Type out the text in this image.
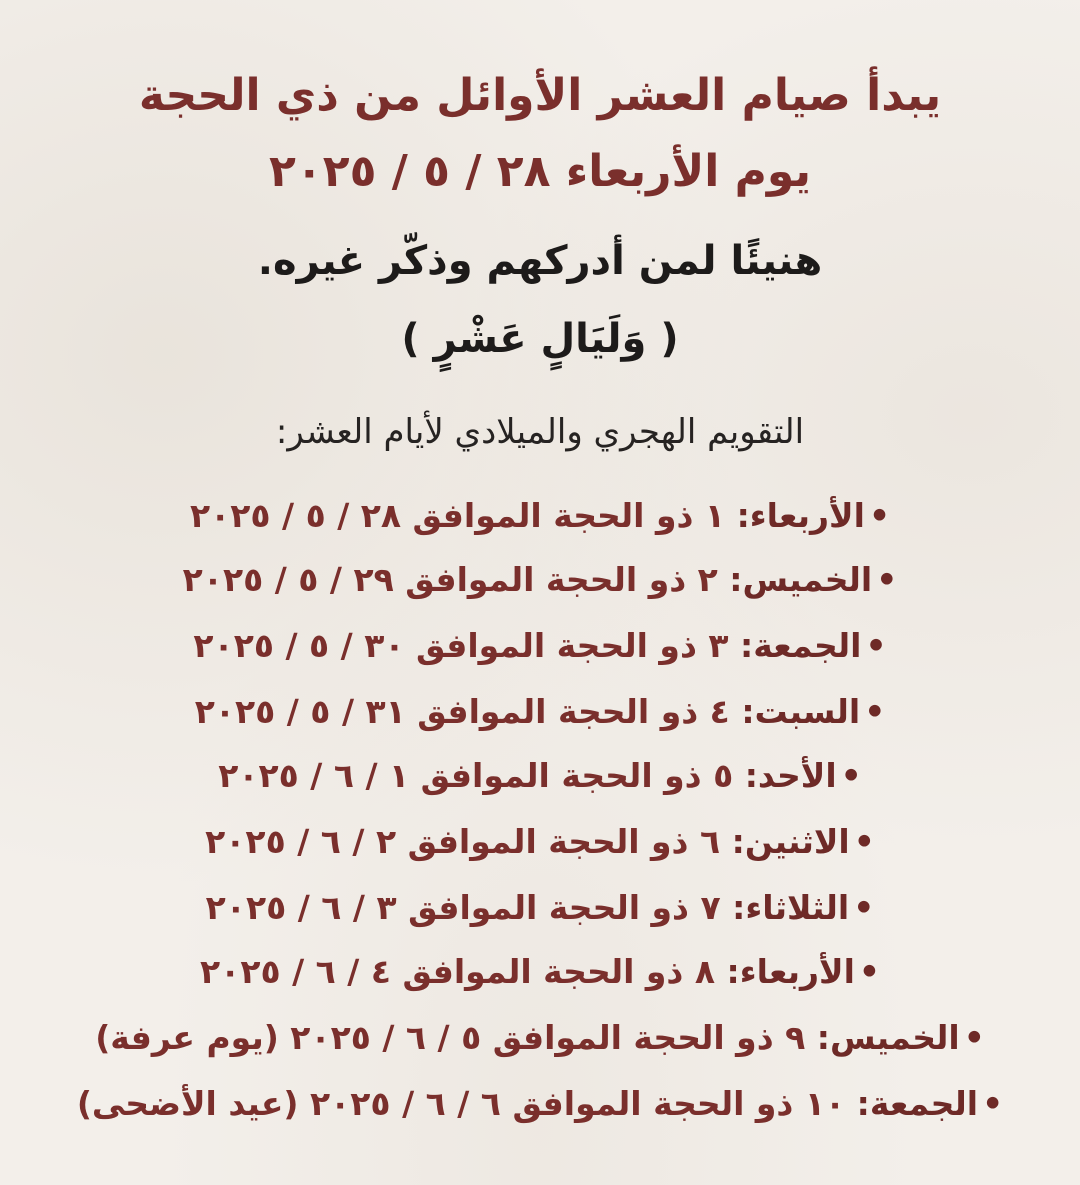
يبدأ صيام العشر الأوائل من ذي الحجة
يوم الأربعاء ٢٨ / ٥ / ٢٠٢٥
هنيئًا لمن أدركهم وذكّر غيره.
( وَلَيَالٍ عَشْرٍ )
التقويم الهجري والميلادي لأيام العشر:
•الأربعاء: ١ ذو الحجة الموافق ٢٨ / ٥ / ٢٠٢٥
•الخميس: ٢ ذو الحجة الموافق ٢٩ / ٥ / ٢٠٢٥
•الجمعة: ٣ ذو الحجة الموافق ٣٠ / ٥ / ٢٠٢٥
•السبت: ٤ ذو الحجة الموافق ٣١ / ٥ / ٢٠٢٥
•الأحد: ٥ ذو الحجة الموافق ١ / ٦ / ٢٠٢٥
•الاثنين: ٦ ذو الحجة الموافق ٢ / ٦ / ٢٠٢٥
•الثلاثاء: ٧ ذو الحجة الموافق ٣ / ٦ / ٢٠٢٥
•الأربعاء: ٨ ذو الحجة الموافق ٤ / ٦ / ٢٠٢٥
•الخميس: ٩ ذو الحجة الموافق ٥ / ٦ / ٢٠٢٥ (يوم عرفة)
•الجمعة: ١٠ ذو الحجة الموافق ٦ / ٦ / ٢٠٢٥ (عيد الأضحى)
